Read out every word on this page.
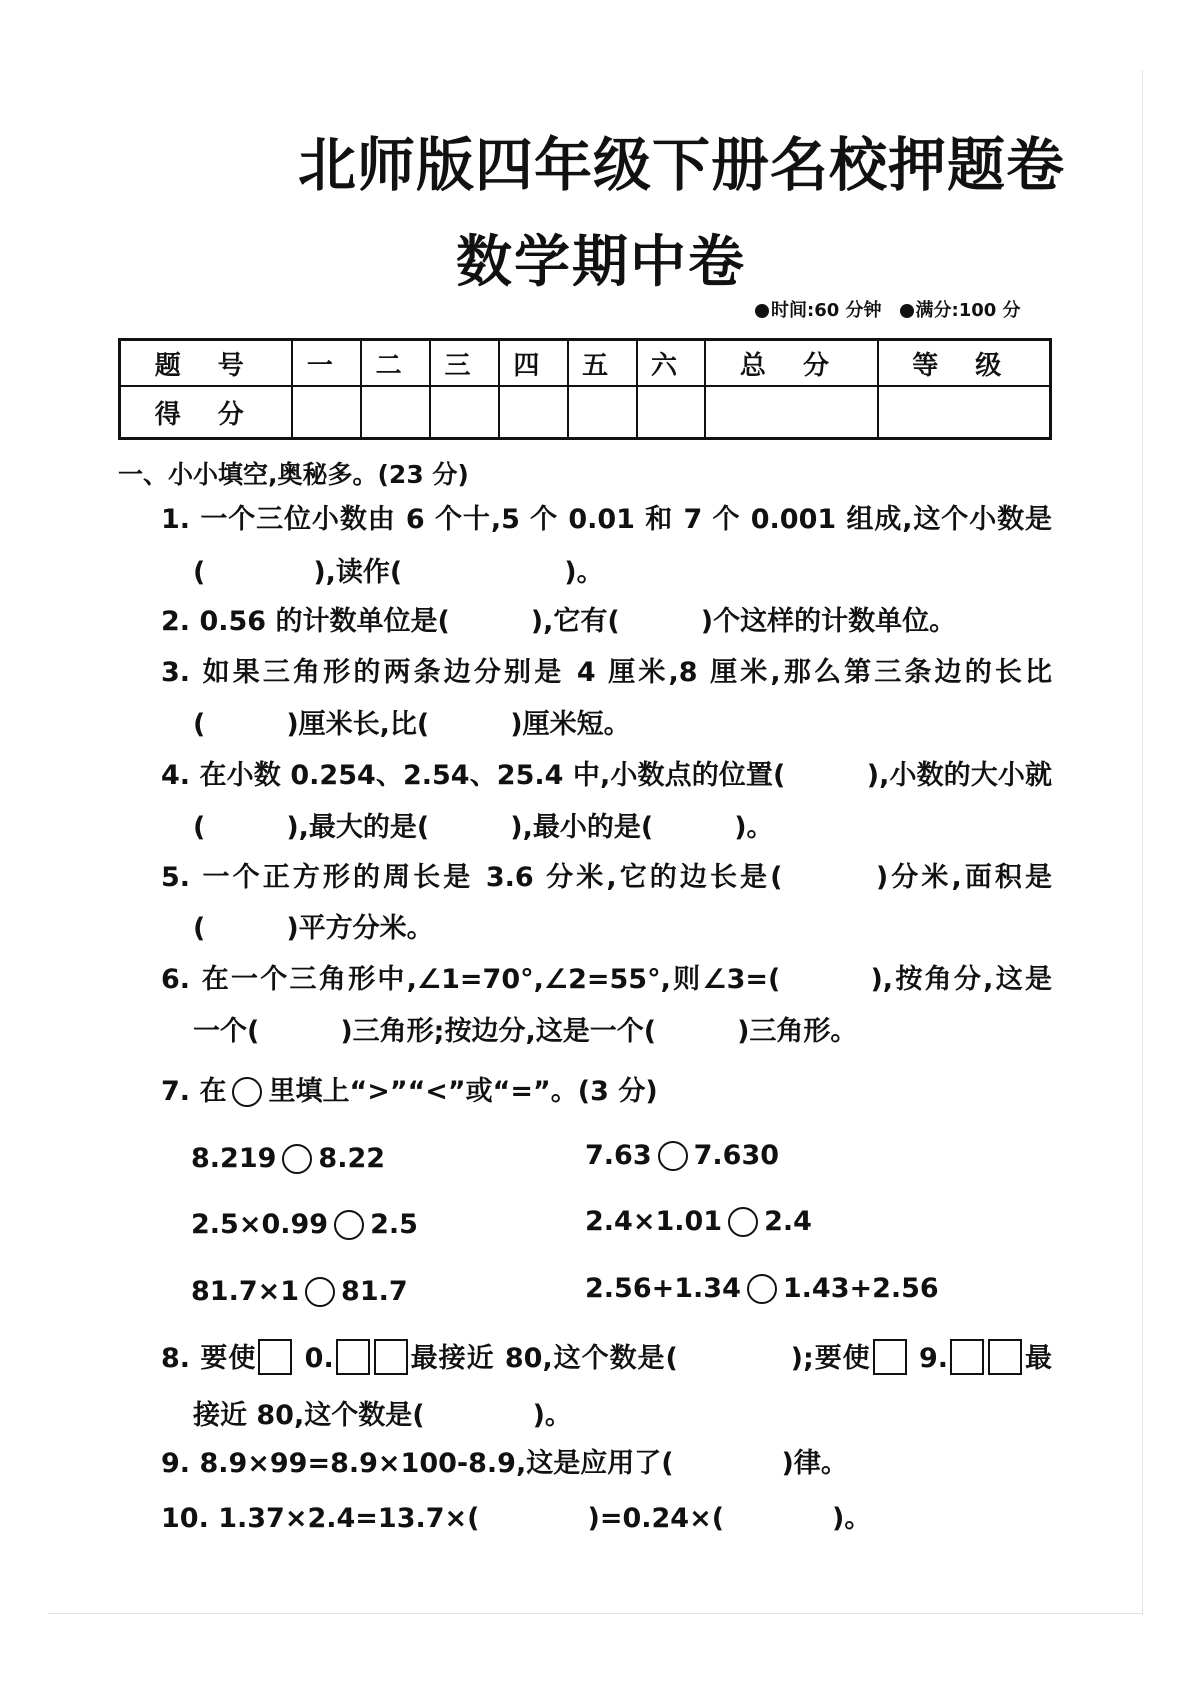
北师版四年级下册名校押题卷
数学期中卷
时间:60 分钟 满分:100 分
题 号	一	二	三	四	五	六	总 分	等 级
得 分								
一、小小填空,奥秘多。(23 分)
1. 一个三位小数由 6 个十,5 个 0.01 和 7 个 0.001 组成,这个小数是
(　　　　),读作(　　　　　　)。
2. 0.56 的计数单位是(　　　),它有(　　　)个这样的计数单位。
3. 如果三角形的两条边分别是 4 厘米,8 厘米,那么第三条边的长比
(　　　)厘米长,比(　　　)厘米短。
4. 在小数 0.254、2.54、25.4 中,小数点的位置(　　　),小数的大小就
(　　　),最大的是(　　　),最小的是(　　　)。
5. 一个正方形的周长是 3.6 分米,它的边长是(　　　)分米,面积是
(　　　)平方分米。
6. 在一个三角形中,∠1=70°,∠2=55°,则∠3=(　　　),按角分,这是
一个(　　　)三角形;按边分,这是一个(　　　)三角形。
7. 在 里填上“>”“<”或“=”。(3 分)
8.219 8.22	7.63 7.630
2.5×0.99 2.5	2.4×1.01 2.4
81.7×1 81.7	2.56+1.34 1.43+2.56
8. 要使 0.	最接近 80,这个数是(　　　　);要使 9.	最
接近 80,这个数是(　　　　)。
9. 8.9×99=8.9×100-8.9,这是应用了(　　　　)律。
10. 1.37×2.4=13.7×(　　　　)=0.24×(　　　　)。
